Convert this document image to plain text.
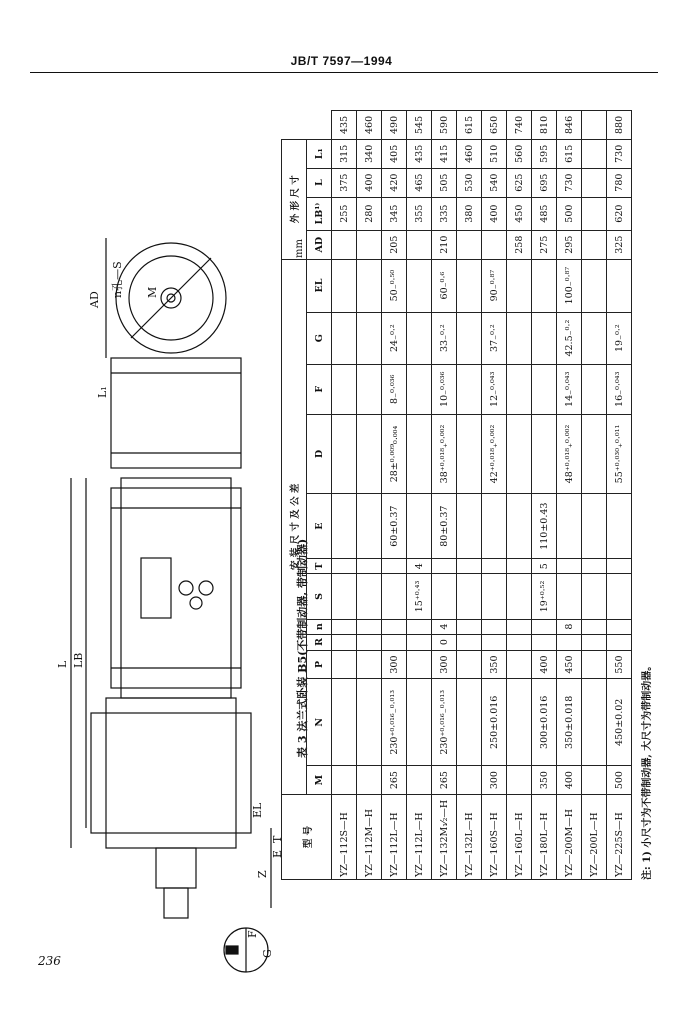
JB/T 7597—1994
L LB
L₁
AD
n孔—S M
Z
EL
E
F
G
T
表 3 法兰式卧装 B5(不带制动器, 带制动器)
mm
型 号	安 装 尺 寸 及 公 差												外 形 尺 寸				
	M	N	P	R	n	S	T	E	D	F	G	EL	AD	LB¹⁾	L	L₁	
YZ—112S—H														255	375	315	435
YZ—112M—H														280	400	340	460
YZ—112L—H	265	230⁺⁰·⁰¹⁶₋⁰·⁰¹³	300					60±0.37	28±⁰·⁰⁰⁹₀.₀₀₄	8₋⁰·⁰³⁶	24₋⁰·²	50₋⁰·⁵⁰	205	345	420	405	490
YZ—112L—H						15⁺⁰·⁴³	4							355	465	435	545
YZ—132M₁⁄₂—H	265	230⁺⁰·⁰¹⁶₋⁰·⁰¹³	300	0	4			80±0.37	38⁺⁰·⁰¹⁸₊⁰·⁰⁰²	10₋⁰·⁰³⁶	33₋⁰·²	60₋⁰·⁶	210	335	505	415	590
YZ—132L—H														380	530	460	615
YZ—160S—H	300	250±0.016	350						42⁺⁰·⁰¹⁸₊⁰·⁰⁰²	12₋⁰·⁰⁴³	37₋⁰·²	90₋⁰·⁸⁷		400	540	510	650
YZ—160L—H													258	450	625	560	740
YZ—180L—H	350	300±0.016	400			19⁺⁰·⁵²	5	110±0.43					275	485	695	595	810
YZ—200M—H	400	350±0.018	450		8				48⁺⁰·⁰¹⁸₊⁰·⁰⁰²	14₋⁰·⁰⁴³	42.5₋⁰·²	100₋⁰·⁸⁷	295	500	730	615	846
YZ—200L—H																	
YZ—225S—H	500	450±0.02	550						55⁺⁰·⁰³⁰₊⁰·⁰¹¹	16₋⁰·⁰⁴³	19₋⁰·²		325	620	780	730	880
注: 1) 小尺寸为不带制动器, 大尺寸为带制动器。
236
